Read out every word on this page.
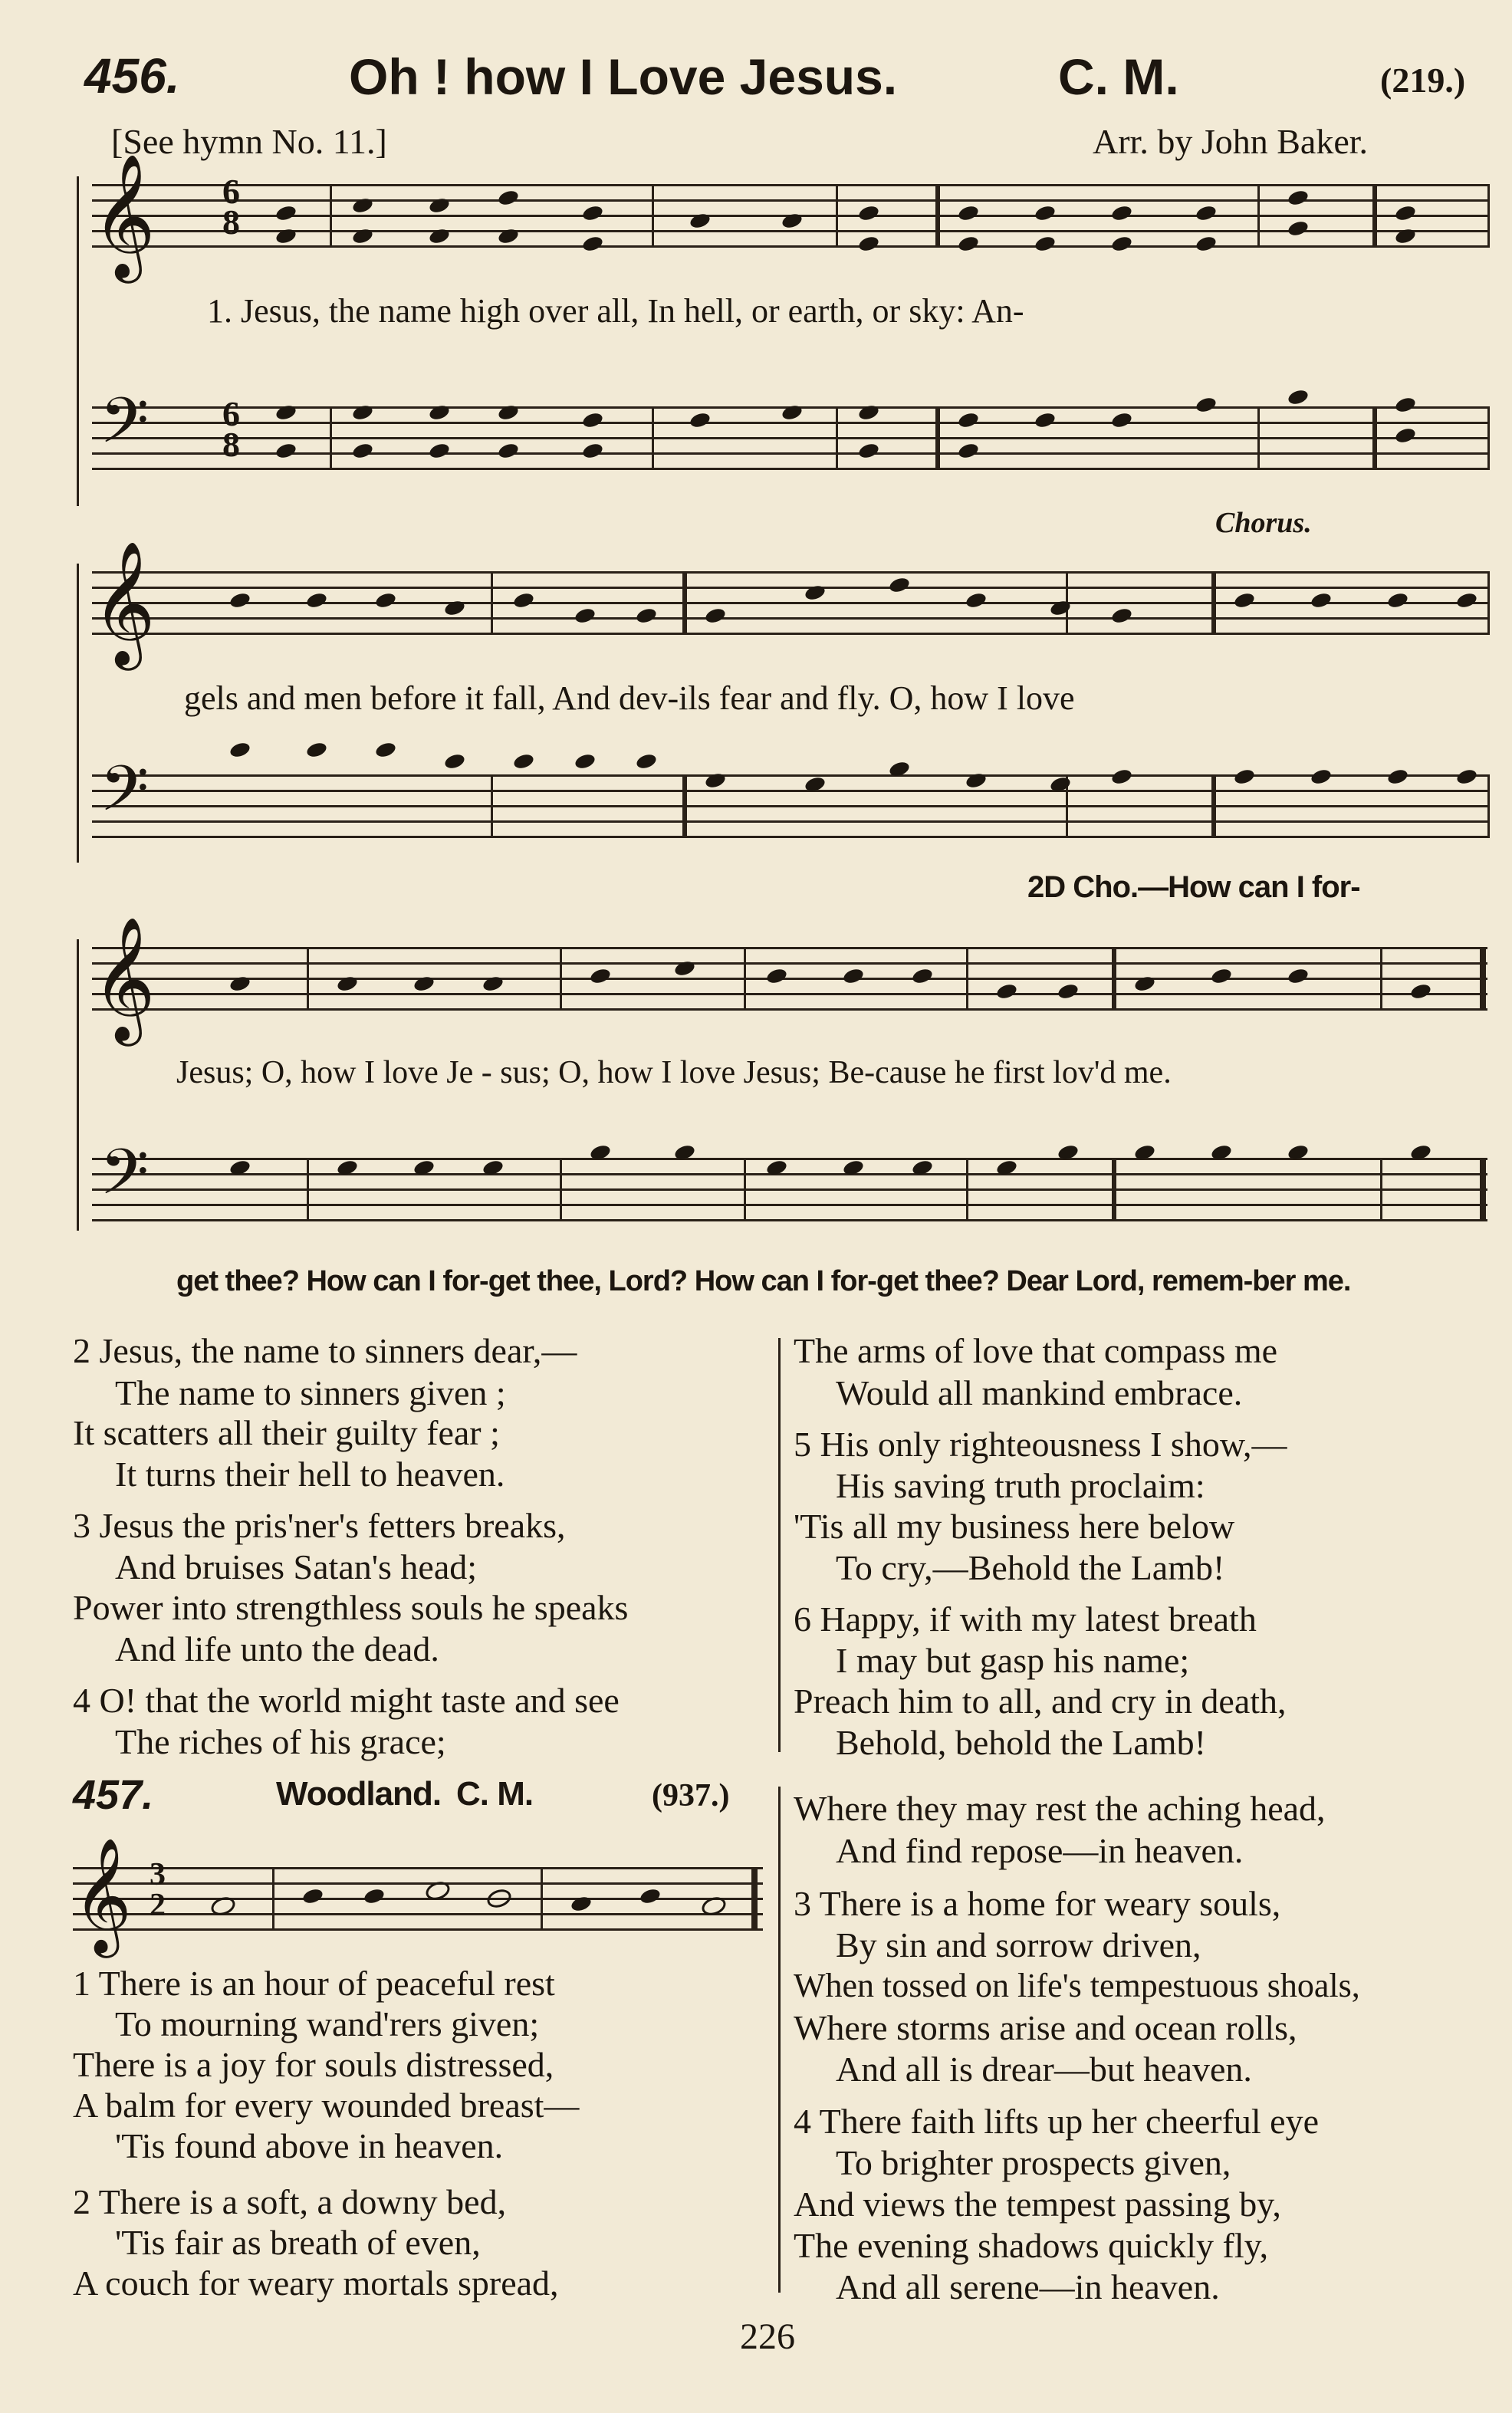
456.	Oh ! how I Love Jesus.	C. M.	(219.)
[See hymn No. 11.]	Arr. by John Baker.
𝄞 6
8
𝄢 6
8
1. Jesus, the name high over all, In hell, or earth, or sky: An-
𝄞
𝄢
Chorus.
gels and men before it fall, And dev-ils fear and fly. O, how I love
2D Cho.—How can I for-
𝄞
𝄢
Jesus; O, how I love Je - sus; O, how I love Jesus; Be-cause he first lov'd me.
get thee? How can I for-get thee, Lord? How can I for-get thee? Dear Lord, remem-ber me.
2 Jesus, the name to sinners dear,—
The name to sinners given ;
It scatters all their guilty fear ;
It turns their hell to heaven.
3 Jesus the pris'ner's fetters breaks,
And bruises Satan's head;
Power into strengthless souls he speaks
And life unto the dead.
4 O! that the world might taste and see
The riches of his grace;
The arms of love that compass me
Would all mankind embrace.
5 His only righteousness I show,—
His saving truth proclaim:
'Tis all my business here below
To cry,—Behold the Lamb!
6 Happy, if with my latest breath
I may but gasp his name;
Preach him to all, and cry in death,
Behold, behold the Lamb!
457.	Woodland. C. M.	(937.)
𝄞 3
2
1 There is an hour of peaceful rest
To mourning wand'rers given;
There is a joy for souls distressed,
A balm for every wounded breast—
'Tis found above in heaven.
2 There is a soft, a downy bed,
'Tis fair as breath of even,
A couch for weary mortals spread,
Where they may rest the aching head,
And find repose—in heaven.
3 There is a home for weary souls,
By sin and sorrow driven,
When tossed on life's tempestuous shoals,
Where storms arise and ocean rolls,
And all is drear—but heaven.
4 There faith lifts up her cheerful eye
To brighter prospects given,
And views the tempest passing by,
The evening shadows quickly fly,
And all serene—in heaven.
226
